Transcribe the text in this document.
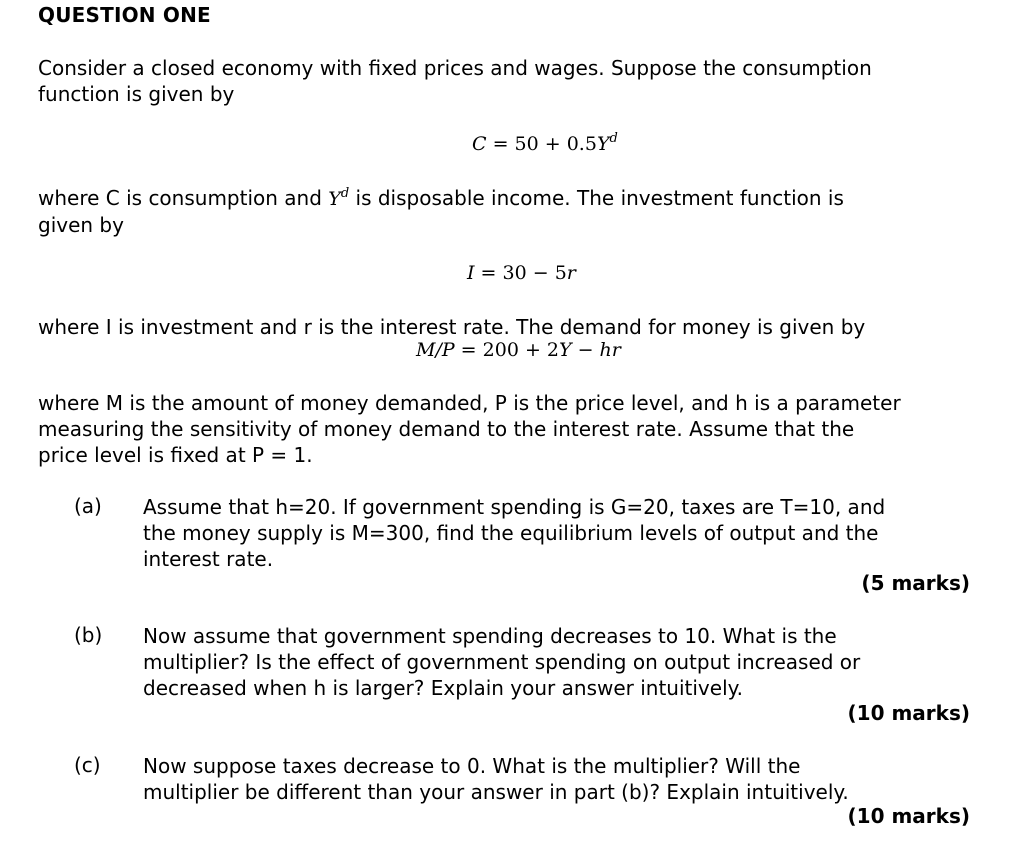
QUESTION ONE
Consider a closed economy with fixed prices and wages. Suppose the consumption
function is given by
$C = 50 + 0.5Y^d$
where C is consumption and $Y^d$ is disposable income. The investment function is
given by
I = 30 − 5r
where I is investment and r is the interest rate. The demand for money is given by
M/P = 200 + 2Y − hr
where M is the amount of money demanded, P is the price level, and h is a parameter
measuring the sensitivity of money demand to the interest rate. Assume that the
price level is fixed at P = 1.
(a) Assume that h=20. If government spending is G=20, taxes are T=10, and
the money supply is M=300, find the equilibrium levels of output and the
interest rate.
(5 marks)
(b) Now assume that government spending decreases to 10. What is the
multiplier? Is the effect of government spending on output increased or
decreased when h is larger? Explain your answer intuitively.
(10 marks)
(c) Now suppose taxes decrease to 0. What is the multiplier? Will the
multiplier be different than your answer in part (b)? Explain intuitively.
(10 marks)
